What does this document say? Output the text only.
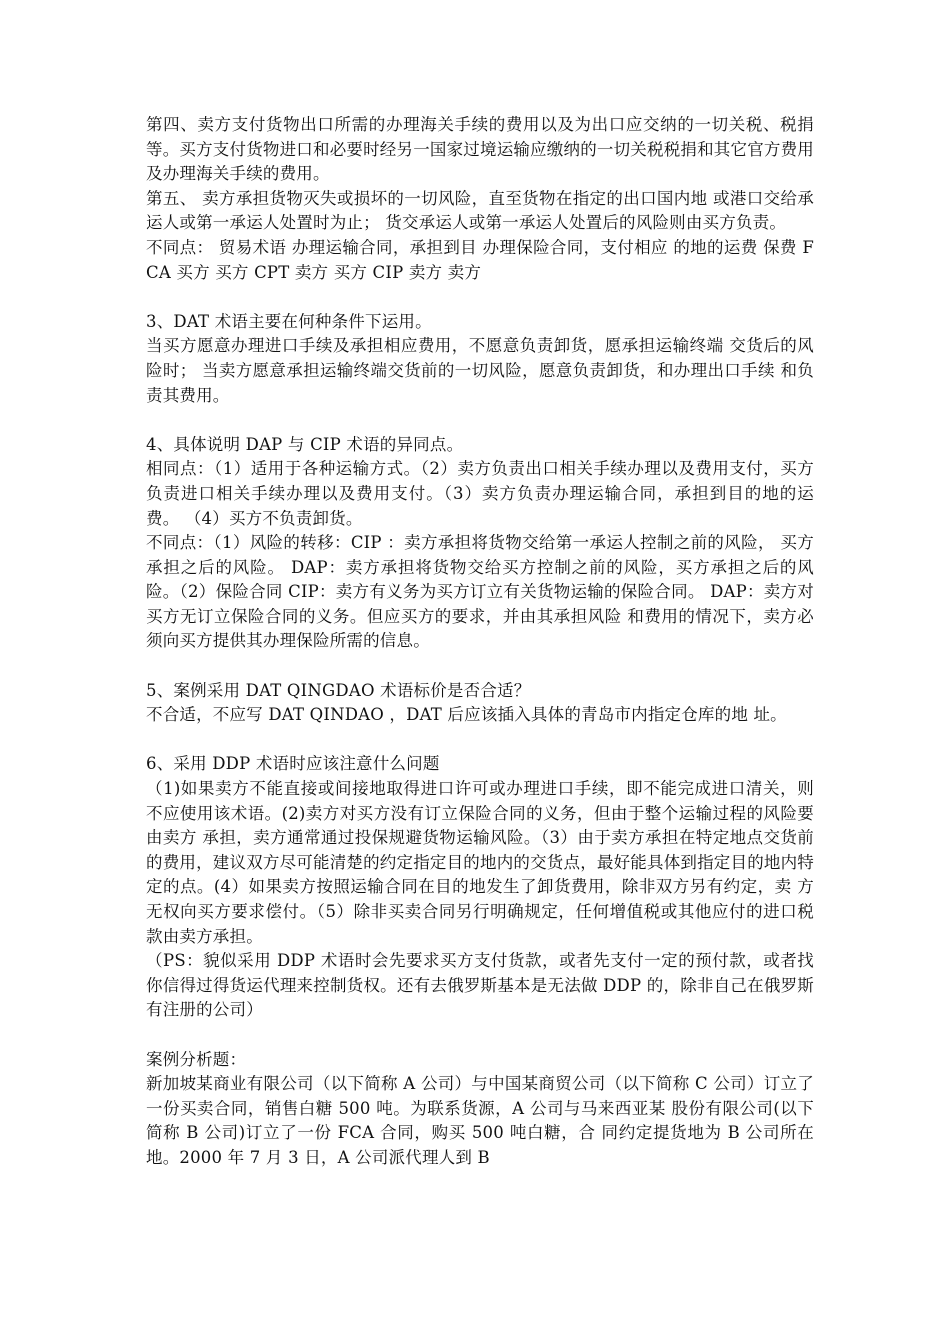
第四、卖方支付货物出口所需的办理海关手续的费用以及为出口应交纳的一切关税、税捐等。买方支付货物进口和必要时经另一国家过境运输应缴纳的一切关税税捐和其它官方费用及办理海关手续的费用。

第五、 卖方承担货物灭失或损坏的一切风险，直至货物在指定的出口国内地 或港口交给承运人或第一承运人处置时为止； 货交承运人或第一承运人处置后的风险则由买方负责。

不同点： 贸易术语 办理运输合同，承担到目 办理保险合同，支付相应 的地的运费 保费 FCA 买方 买方 CPT 卖方 买方 CIP 卖方 卖方

3、DAT 术语主要在何种条件下运用。

当买方愿意办理进口手续及承担相应费用，不愿意负责卸货，愿承担运输终端 交货后的风险时； 当卖方愿意承担运输终端交货前的一切风险，愿意负责卸货，和办理出口手续 和负责其费用。

4、具体说明 DAP 与 CIP 术语的异同点。

相同点：（1）适用于各种运输方式。（2）卖方负责出口相关手续办理以及费用支付，买方负责进口相关手续办理以及费用支付。（3）卖方负责办理运输合同，承担到目的地的运费。 （4）买方不负责卸货。

不同点：（1）风险的转移：CIP ：卖方承担将货物交给第一承运人控制之前的风险， 买方承担之后的风险。 DAP：卖方承担将货物交给买方控制之前的风险，买方承担之后的风险。（2）保险合同 CIP：卖方有义务为买方订立有关货物运输的保险合同。 DAP：卖方对买方无订立保险合同的义务。但应买方的要求，并由其承担风险 和费用的情况下，卖方必须向买方提供其办理保险所需的信息。

5、案例采用 DAT QINGDAO 术语标价是否合适？

不合适，不应写 DAT QINDAO ，DAT 后应该插入具体的青岛市内指定仓库的地 址。

6、采用 DDP 术语时应该注意什么问题

（1)如果卖方不能直接或间接地取得进口许可或办理进口手续，即不能完成进口清关，则不应使用该术语。(2)卖方对买方没有订立保险合同的义务，但由于整个运输过程的风险要由卖方 承担，卖方通常通过投保规避货物运输风险。（3）由于卖方承担在特定地点交货前的费用，建议双方尽可能清楚的约定指定目的地内的交货点，最好能具体到指定目的地内特定的点。(4）如果卖方按照运输合同在目的地发生了卸货费用，除非双方另有约定，卖 方无权向买方要求偿付。（5）除非买卖合同另行明确规定，任何增值税或其他应付的进口税款由卖方承担。

（PS：貌似采用 DDP 术语时会先要求买方支付货款，或者先支付一定的预付款，或者找你信得过得货运代理来控制货权。还有去俄罗斯基本是无法做 DDP 的，除非自己在俄罗斯有注册的公司）

案例分析题：

新加坡某商业有限公司（以下简称 A 公司）与中国某商贸公司（以下简称 C 公司）订立了一份买卖合同，销售白糖 500 吨。为联系货源，A 公司与马来西亚某 股份有限公司(以下简称 B 公司)订立了一份 FCA 合同，购买 500 吨白糖，合 同约定提货地为 B 公司所在地。2000 年 7 月 3 日，A 公司派代理人到 B
